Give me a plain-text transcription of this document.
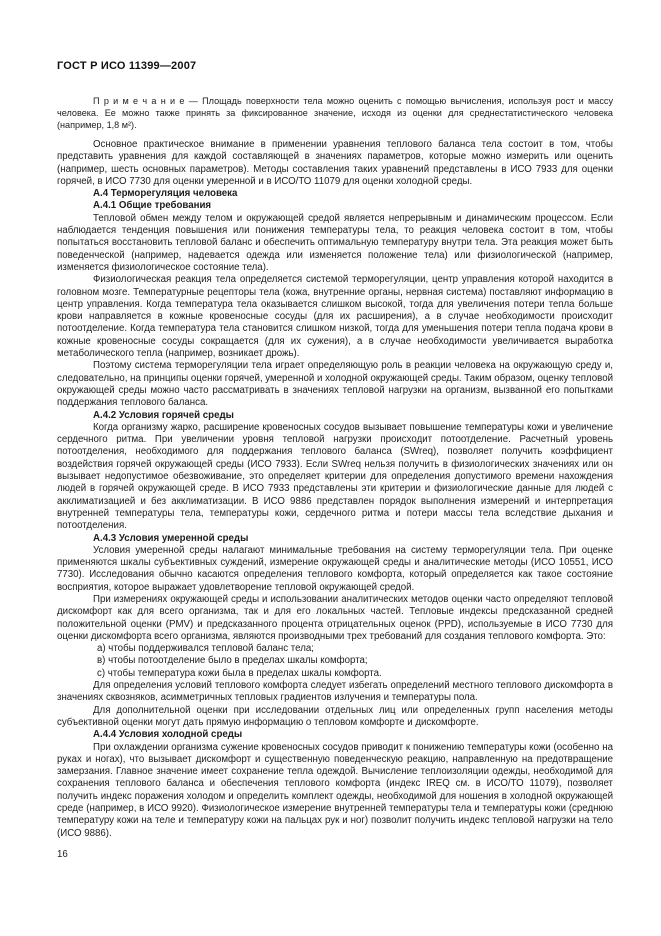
ГОСТ Р ИСО 11399—2007

П р и м е ч а н и е — Площадь поверхности тела можно оценить с помощью вычисления, используя рост и массу человека. Ее можно также принять за фиксированное значение, исходя из оценки для среднестатистического человека (например, 1,8 м²).

Основное практическое внимание в применении уравнения теплового баланса тела состоит в том, чтобы представить уравнения для каждой составляющей в значениях параметров, которые можно измерить или оценить (например, шесть основных параметров). Методы составления таких уравнений представлены в ИСО 7933 для оценки горячей, в ИСО 7730 для оценки умеренной и в ИСО/ТО 11079 для оценки холодной среды.

А.4 Терморегуляция человека

А.4.1 Общие требования

Тепловой обмен между телом и окружающей средой является непрерывным и динамическим процессом. Если наблюдается тенденция повышения или понижения температуры тела, то реакция человека состоит в том, чтобы попытаться восстановить тепловой баланс и обеспечить оптимальную температуру внутри тела. Эта реакция может быть поведенческой (например, надевается одежда или изменяется положение тела) или физиологической (например, изменяется физиологическое состояние тела).

Физиологическая реакция тела определяется системой терморегуляции, центр управления которой находится в головном мозге. Температурные рецепторы тела (кожа, внутренние органы, нервная система) поставляют информацию в центр управления. Когда температура тела оказывается слишком высокой, тогда для увеличения потери тепла больше крови направляется в кожные кровеносные сосуды (для их расширения), а в случае необходимости происходит потоотделение. Когда температура тела становится слишком низкой, тогда для уменьшения потери тепла подача крови в кожные кровеносные сосуды сокращается (для их сужения), а в случае необходимости увеличивается выработка метаболического тепла (например, возникает дрожь).

Поэтому система терморегуляции тела играет определяющую роль в реакции человека на окружающую среду и, следовательно, на принципы оценки горячей, умеренной и холодной окружающей среды. Таким образом, оценку тепловой окружающей среды можно часто рассматривать в значениях тепловой нагрузки на организм, вызванной его попытками поддержания теплового баланса.

А.4.2 Условия горячей среды

Когда организму жарко, расширение кровеносных сосудов вызывает повышение температуры кожи и увеличение сердечного ритма. При увеличении уровня тепловой нагрузки происходит потоотделение. Расчетный уровень потоотделения, необходимого для поддержания теплового баланса (SWreq), позволяет получить коэффициент воздействия горячей окружающей среды (ИСО 7933). Если SWreq нельзя получить в физиологических значениях или он вызывает недопустимое обезвоживание, это определяет критерии для определения допустимого времени нахождения людей в горячей окружающей среде. В ИСО 7933 представлены эти критерии и физиологические данные для людей с акклиматизацией и без акклиматизации. В ИСО 9886 представлен порядок выполнения измерений и интерпретация внутренней температуры тела, температуры кожи, сердечного ритма и потери массы тела вследствие дыхания и потоотделения.

А.4.3 Условия умеренной среды

Условия умеренной среды налагают минимальные требования на систему терморегуляции тела. При оценке применяются шкалы субъективных суждений, измерение окружающей среды и аналитические методы (ИСО 10551, ИСО 7730). Исследования обычно касаются определения теплового комфорта, который определяется как такое состояние восприятия, которое выражает удовлетворение тепловой окружающей средой.

При измерениях окружающей среды и использовании аналитических методов оценки часто определяют тепловой дискомфорт как для всего организма, так и для его локальных частей. Тепловые индексы предсказанной средней положительной оценки (PMV) и предсказанного процента отрицательных оценок (PPD), используемые в ИСО 7730 для оценки дискомфорта всего организма, являются производными трех требований для создания теплового комфорта. Это:

а) чтобы поддерживался тепловой баланс тела;

в) чтобы потоотделение было в пределах шкалы комфорта;

с) чтобы температура кожи была в пределах шкалы комфорта.

Для определения условий теплового комфорта следует избегать определений местного теплового дискомфорта в значениях сквозняков, асимметричных тепловых градиентов излучения и температуры пола.

Для дополнительной оценки при исследовании отдельных лиц или определенных групп населения методы субъективной оценки могут дать прямую информацию о тепловом комфорте и дискомфорте.

А.4.4 Условия холодной среды

При охлаждении организма сужение кровеносных сосудов приводит к понижению температуры кожи (особенно на руках и ногах), что вызывает дискомфорт и существенную поведенческую реакцию, направленную на предотвращение замерзания. Главное значение имеет сохранение тепла одеждой. Вычисление теплоизоляции одежды, необходимой для сохранения теплового баланса и обеспечения теплового комфорта (индекс IREQ см. в ИСО/ТО 11079), позволяет получить индекс поражения холодом и определить комплект одежды, необходимой для ношения в холодной окружающей среде (например, в ИСО 9920). Физиологическое измерение внутренней температуры тела и температуры кожи (среднюю температуру кожи на теле и температуру кожи на пальцах рук и ног) позволит получить индекс тепловой нагрузки на тело (ИСО 9886).

16
